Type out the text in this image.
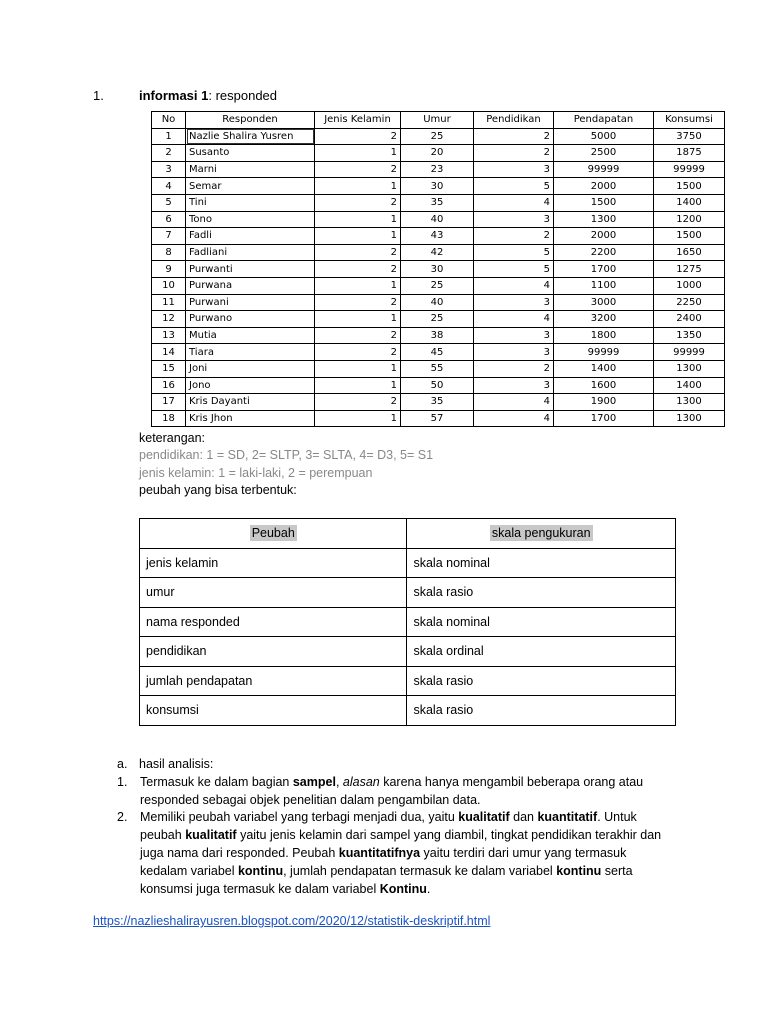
1.	informasi 1: responded
No	Responden	Jenis Kelamin	Umur	Pendidikan	Pendapatan	Konsumsi
1	Nazlie Shalira Yusren	2	25	2	5000	3750
2	Susanto	1	20	2	2500	1875
3	Marni	2	23	3	99999	99999
4	Semar	1	30	5	2000	1500
5	Tini	2	35	4	1500	1400
6	Tono	1	40	3	1300	1200
7	Fadli	1	43	2	2000	1500
8	Fadliani	2	42	5	2200	1650
9	Purwanti	2	30	5	1700	1275
10	Purwana	1	25	4	1100	1000
11	Purwani	2	40	3	3000	2250
12	Purwano	1	25	4	3200	2400
13	Mutia	2	38	3	1800	1350
14	Tiara	2	45	3	99999	99999
15	Joni	1	55	2	1400	1300
16	Jono	1	50	3	1600	1400
17	Kris Dayanti	2	35	4	1900	1300
18	Kris Jhon	1	57	4	1700	1300
keterangan:
pendidikan: 1 = SD, 2= SLTP, 3= SLTA, 4= D3, 5= S1
jenis kelamin: 1 = laki-laki, 2 = perempuan
peubah yang bisa terbentuk:
Peubah	skala pengukuran
jenis kelamin	skala nominal
umur	skala rasio
nama responded	skala nominal
pendidikan	skala ordinal
jumlah pendapatan	skala rasio
konsumsi	skala rasio
a. hasil analisis:
1. Termasuk ke dalam bagian sampel, alasan karena hanya mengambil beberapa orang atau responded sebagai objek penelitian dalam pengambilan data.
2. Memiliki peubah variabel yang terbagi menjadi dua, yaitu kualitatif dan kuantitatif. Untuk peubah kualitatif yaitu jenis kelamin dari sampel yang diambil, tingkat pendidikan terakhir dan juga nama dari responded. Peubah kuantitatifnya yaitu terdiri dari umur yang termasuk kedalam variabel kontinu, jumlah pendapatan termasuk ke dalam variabel kontinu serta konsumsi juga termasuk ke dalam variabel Kontinu.
https://nazlieshalirayusren.blogspot.com/2020/12/statistik-deskriptif.html
